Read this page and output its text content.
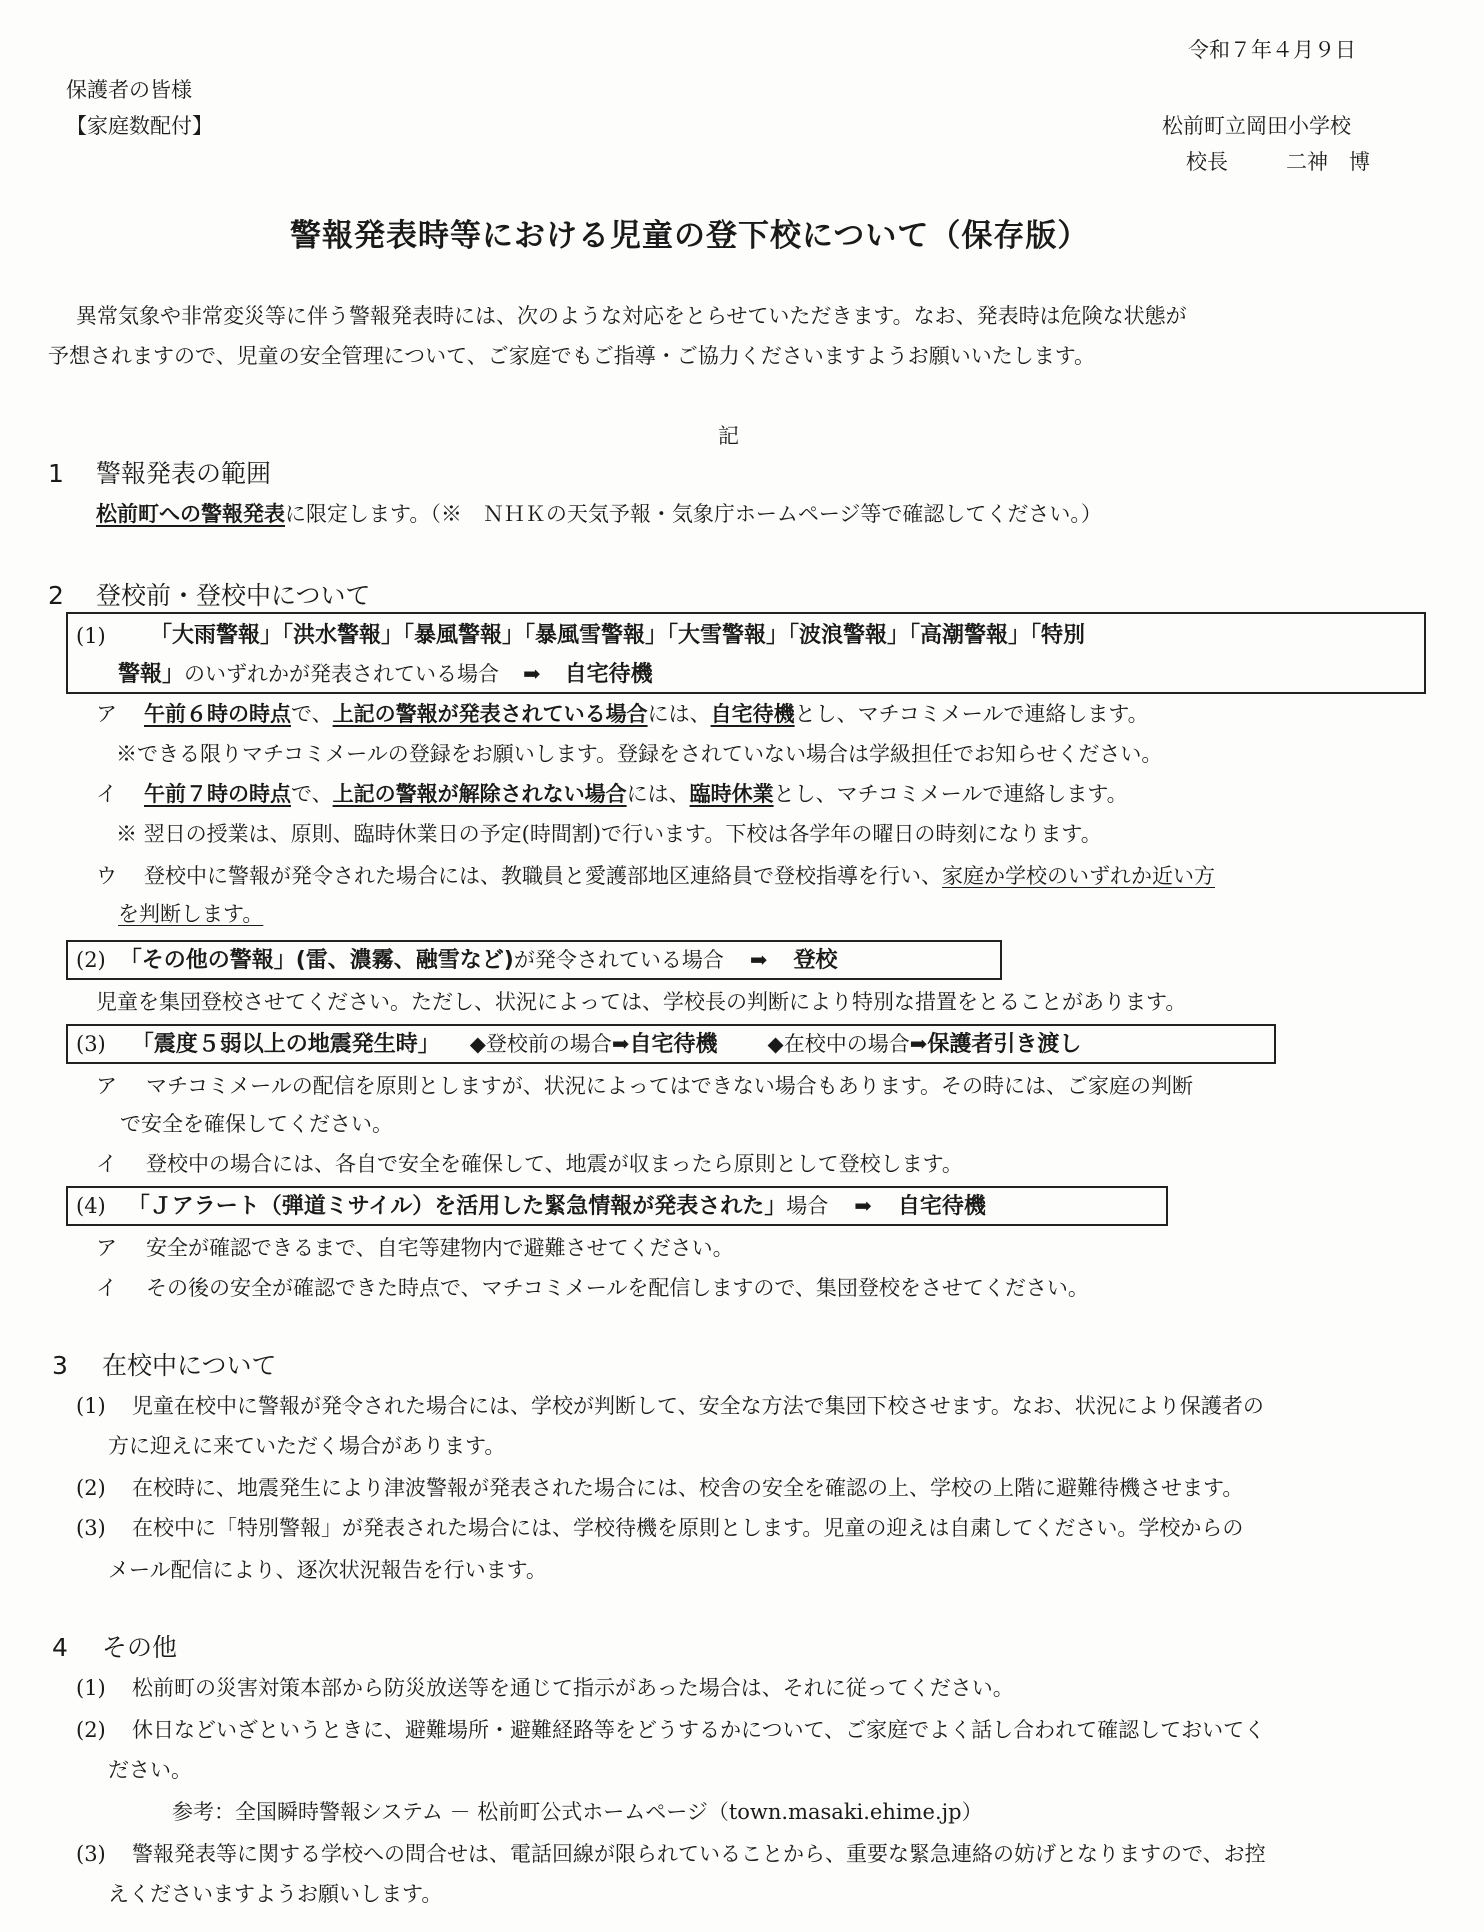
令和７年４月９日
保護者の皆様
【家庭数配付】	松前町立岡田小学校
校長	二神　博
警報発表時等における児童の登下校について（保存版）
異常気象や非常変災等に伴う警報発表時には、次のような対応をとらせていただきます。なお、発表時は危険な状態が
予想されますので、児童の安全管理について、ご家庭でもご指導・ご協力くださいますようお願いいたします。
記
1 警報発表の範囲
松前町への警報発表に限定します。（※　ＮＨＫの天気予報・気象庁ホームページ等で確認してください。）
2 登校前・登校中について
(1) 「大雨警報」「洪水警報」「暴風警報」「暴風雪警報」「大雪警報」「波浪警報」「高潮警報」「特別
警報」のいずれかが発表されている場合 ➡ 自宅待機
ア 午前６時の時点で、上記の警報が発表されている場合には、自宅待機とし、マチコミメールで連絡します。
※できる限りマチコミメールの登録をお願いします。登録をされていない場合は学級担任でお知らせください。
イ 午前７時の時点で、上記の警報が解除されない場合には、臨時休業とし、マチコミメールで連絡します。
※ 翌日の授業は、原則、臨時休業日の予定(時間割)で行います。下校は各学年の曜日の時刻になります。
ウ 登校中に警報が発令された場合には、教職員と愛護部地区連絡員で登校指導を行い、家庭か学校のいずれか近い方
を判断します。
(2) 「その他の警報」(雷、濃霧、融雪など)が発令されている場合 ➡ 登校
児童を集団登校させてください。ただし、状況によっては、学校長の判断により特別な措置をとることがあります。
(3) 「震度５弱以上の地震発生時」 ◆登校前の場合➡自宅待機 ◆在校中の場合➡保護者引き渡し
ア マチコミメールの配信を原則としますが、状況によってはできない場合もあります。その時には、ご家庭の判断
で安全を確保してください。
イ 登校中の場合には、各自で安全を確保して、地震が収まったら原則として登校します。
(4) 「Ｊアラート（弾道ミサイル）を活用した緊急情報が発表された」場合 ➡ 自宅待機
ア 安全が確認できるまで、自宅等建物内で避難させてください。
イ その後の安全が確認できた時点で、マチコミメールを配信しますので、集団登校をさせてください。
3 在校中について
(1) 児童在校中に警報が発令された場合には、学校が判断して、安全な方法で集団下校させます。なお、状況により保護者の
方に迎えに来ていただく場合があります。
(2) 在校時に、地震発生により津波警報が発表された場合には、校舎の安全を確認の上、学校の上階に避難待機させます。
(3) 在校中に「特別警報」が発表された場合には、学校待機を原則とします。児童の迎えは自粛してください。学校からの
メール配信により、逐次状況報告を行います。
4 その他
(1) 松前町の災害対策本部から防災放送等を通じて指示があった場合は、それに従ってください。
(2) 休日などいざというときに、避難場所・避難経路等をどうするかについて、ご家庭でよく話し合われて確認しておいてく
ださい。
参考：全国瞬時警報システム － 松前町公式ホームページ（town.masaki.ehime.jp）
(3) 警報発表等に関する学校への問合せは、電話回線が限られていることから、重要な緊急連絡の妨げとなりますので、お控
えくださいますようお願いします。
